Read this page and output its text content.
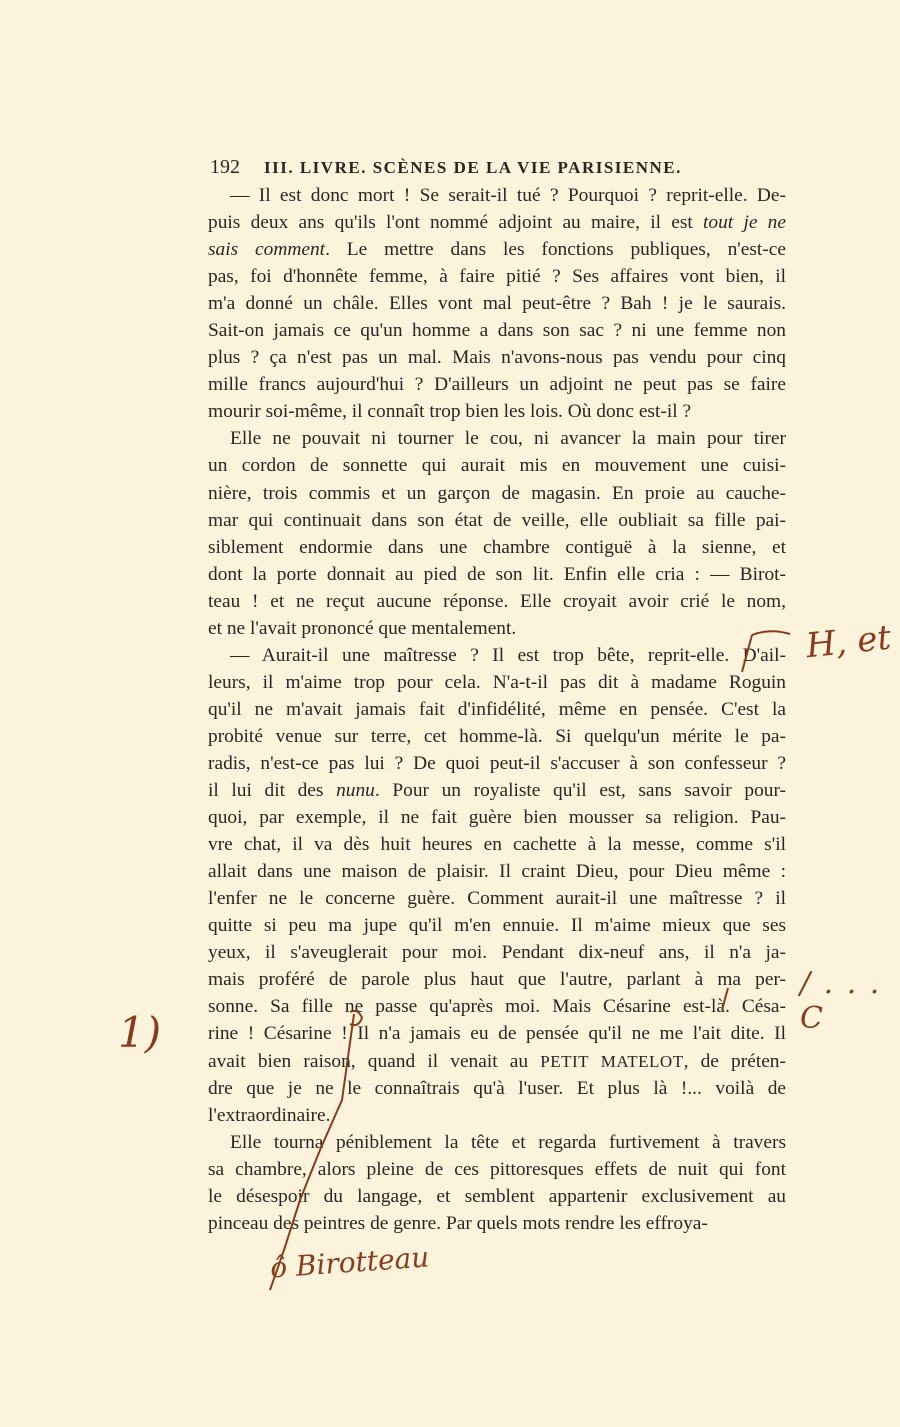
192 III. LIVRE. SCÈNES DE LA VIE PARISIENNE.
— Il est donc mort ! Se serait-il tué ? Pourquoi ? reprit-elle. De-
puis deux ans qu'ils l'ont nommé adjoint au maire, il est tout je ne
sais comment. Le mettre dans les fonctions publiques, n'est-ce
pas, foi d'honnête femme, à faire pitié ? Ses affaires vont bien, il
m'a donné un châle. Elles vont mal peut-être ? Bah ! je le saurais.
Sait-on jamais ce qu'un homme a dans son sac ? ni une femme non
plus ? ça n'est pas un mal. Mais n'avons-nous pas vendu pour cinq
mille francs aujourd'hui ? D'ailleurs un adjoint ne peut pas se faire
mourir soi-même, il connaît trop bien les lois. Où donc est-il ?
Elle ne pouvait ni tourner le cou, ni avancer la main pour tirer
un cordon de sonnette qui aurait mis en mouvement une cuisi-
nière, trois commis et un garçon de magasin. En proie au cauche-
mar qui continuait dans son état de veille, elle oubliait sa fille pai-
siblement endormie dans une chambre contiguë à la sienne, et
dont la porte donnait au pied de son lit. Enfin elle cria : — Birot-
teau ! et ne reçut aucune réponse. Elle croyait avoir crié le nom,
et ne l'avait prononcé que mentalement.
— Aurait-il une maîtresse ? Il est trop bête, reprit-elle. D'ail-
leurs, il m'aime trop pour cela. N'a-t-il pas dit à madame Roguin
qu'il ne m'avait jamais fait d'infidélité, même en pensée. C'est la
probité venue sur terre, cet homme-là. Si quelqu'un mérite le pa-
radis, n'est-ce pas lui ? De quoi peut-il s'accuser à son confesseur ?
il lui dit des nunu. Pour un royaliste qu'il est, sans savoir pour-
quoi, par exemple, il ne fait guère bien mousser sa religion. Pau-
vre chat, il va dès huit heures en cachette à la messe, comme s'il
allait dans une maison de plaisir. Il craint Dieu, pour Dieu même :
l'enfer ne le concerne guère. Comment aurait-il une maîtresse ? il
quitte si peu ma jupe qu'il m'en ennuie. Il m'aime mieux que ses
yeux, il s'aveuglerait pour moi. Pendant dix-neuf ans, il n'a ja-
mais proféré de parole plus haut que l'autre, parlant à ma per-
sonne. Sa fille ne passe qu'après moi. Mais Césarine est-là. Césa-
rine ! Césarine ! Il n'a jamais eu de pensée qu'il ne me l'ait dite. Il
avait bien raison, quand il venait au PETIT MATELOT, de préten-
dre que je ne le connaîtrais qu'à l'user. Et plus là !... voilà de
l'extraordinaire.
Elle tourna péniblement la tête et regarda furtivement à travers
sa chambre, alors pleine de ces pittoresques effets de nuit qui font
le désespoir du langage, et semblent appartenir exclusivement au
pinceau des peintres de genre. Par quels mots rendre les effroya-
H, et
/ . . . C
1)
ô Birotteau
